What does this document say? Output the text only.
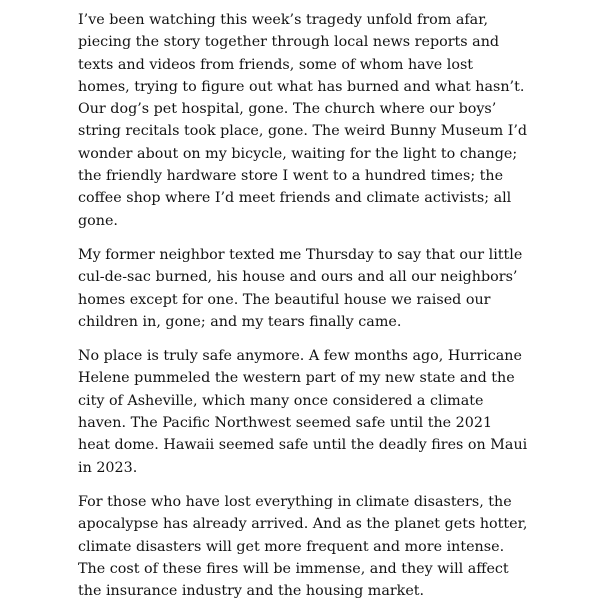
I’ve been watching this week’s tragedy unfold from afar, piecing the story together through local news reports and texts and videos from friends, some of whom have lost homes, trying to figure out what has burned and what hasn’t. Our dog’s pet hospital, gone. The church where our boys’ string recitals took place, gone. The weird Bunny Museum I’d wonder about on my bicycle, waiting for the light to change; the friendly hardware store I went to a hundred times; the coffee shop where I’d meet friends and climate activists; all gone.

My former neighbor texted me Thursday to say that our little cul-de-sac burned, his house and ours and all our neighbors’ homes except for one. The beautiful house we raised our children in, gone; and my tears finally came.

No place is truly safe anymore. A few months ago, Hurricane Helene pummeled the western part of my new state and the city of Asheville, which many once considered a climate haven. The Pacific Northwest seemed safe until the 2021 heat dome. Hawaii seemed safe until the deadly fires on Maui in 2023.

For those who have lost everything in climate disasters, the apocalypse has already arrived. And as the planet gets hotter, climate disasters will get more frequent and more intense. The cost of these fires will be immense, and they will affect the insurance industry and the housing market.
